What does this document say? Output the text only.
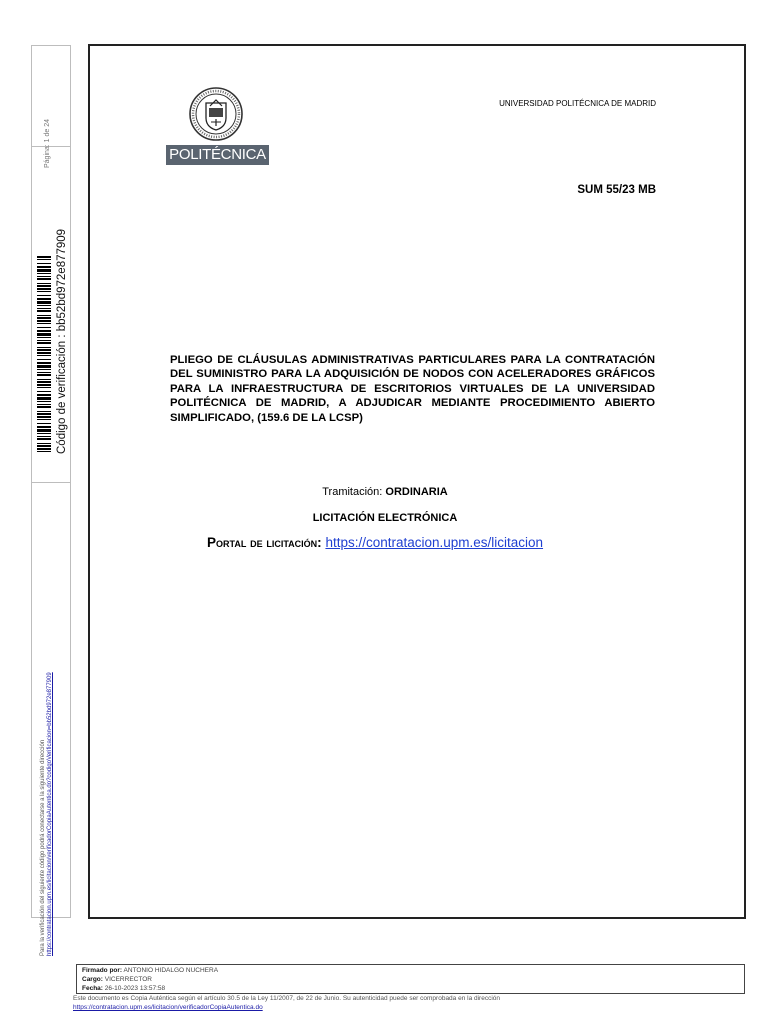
Página: 1 de 24
Código de verificación : bb52bd972e877909
Para la verificación del siguiente código podrá conectarse a la siguiente dirección https://contratacion.upm.es/licitacion/verificadorCopiaAutentica.do?codigoVerificacion=bb52bd972e877909
POLITÉCNICA
UNIVERSIDAD POLITÉCNICA DE MADRID
SUM 55/23 MB
PLIEGO DE CLÁUSULAS ADMINISTRATIVAS PARTICULARES PARA LA CONTRATACIÓN DEL SUMINISTRO PARA LA ADQUISICIÓN DE NODOS CON ACELERADORES GRÁFICOS PARA LA INFRAESTRUCTURA DE ESCRITORIOS VIRTUALES DE LA UNIVERSIDAD POLITÉCNICA DE MADRID, A ADJUDICAR MEDIANTE PROCEDIMIENTO ABIERTO SIMPLIFICADO, (159.6 DE LA LCSP)
Tramitación: ORDINARIA
LICITACIÓN ELECTRÓNICA
Portal de licitación: https://contratacion.upm.es/licitacion
Firmado por: ANTONIO HIDALGO NUCHERA
Cargo: VICERRECTOR
Fecha: 26-10-2023 13:57:58
Este documento es Copia Auténtica según el artículo 30.5 de la Ley 11/2007, de 22 de Junio. Su autenticidad puede ser comprobada en la dirección
https://contratacion.upm.es/licitacion/verificadorCopiaAutentica.do
